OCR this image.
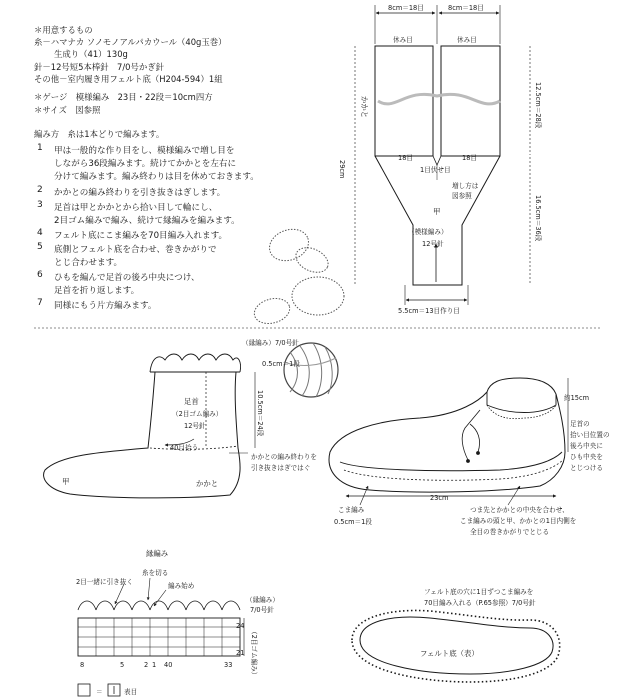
＊用意するもの
糸－ハマナカ ソノモノアルパカウール（40g玉巻）
生成り（41）130g
針－12号短5本棒針　7/0号かぎ針
その他－室内履き用フェルト底（H204-594）1組
＊ゲージ　模様編み　23目・22段＝10cm四方
＊サイズ　図参照
編み方　糸は1本どりで編みます。
1 甲は一般的な作り目をし、模様編みで増し目を
しながら36段編みます。続けてかかとを左右に
分けて編みます。編み終わりは目を休めておきます。
2 かかとの編み終わりを引き抜きはぎします。
3 足首は甲とかかとから拾い目して輪にし、
2目ゴム編みで編み、続けて縁編みを編みます。
4 フェルト底にこま編みを70目編み入れます。
5 底側とフェルト底を合わせ、巻きかがりで
とじ合わせます。
6 ひもを編んで足首の後ろ中央につけ、
足首を折り返します。
7 同様にもう片方編みます。
8cm＝18目	8cm＝18目
休み目	休み目
かかと
18目	18目
1目伏せ目
増し方は
図参照
甲
（模様編み）
12号針
29cm
12.5cm＝28段
16.5cm＝36段
5.5cm＝13目作り目
（縁編み）7/0号針
0.5cm＝1段
10.5cm＝24段
足首
（2目ゴム編み）
12号針
40目拾う
甲	かかと
かかとの編み終わりを
引き抜きはぎではぐ
約15cm
足首の
拾い目位置の
後ろ中央に
ひも中央を
とじつける
こま編み
0.5cm＝1段
23cm
つま先とかかとの中央を合わせ、
こま編みの頭と甲、かかとの1目内側を
全目の巻きかがりでとじる
縁編み
糸を切る
2目一緒に引き抜く	編み始め
（縁編み）
7/0号針
（2目ゴム編み）
24
21
8	5	2 1 40	33
＝	表目
フェルト底の穴に1目ずつこま編みを
70目編み入れる（P.65参照）7/0号針
フェルト底（表）
